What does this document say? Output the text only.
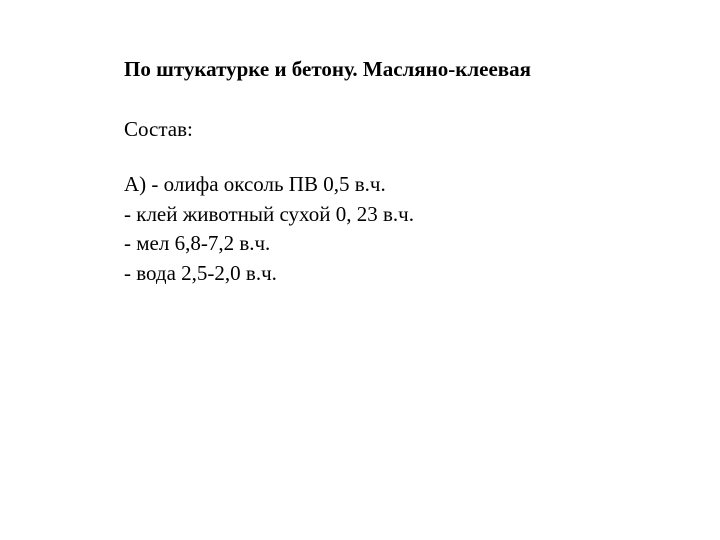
По штукатурке и бетону. Масляно-клеевая
Состав:
А) - олифа оксоль ПВ 0,5 в.ч.
- клей животный сухой 0, 23 в.ч.
- мел 6,8-7,2 в.ч.
- вода 2,5-2,0 в.ч.
